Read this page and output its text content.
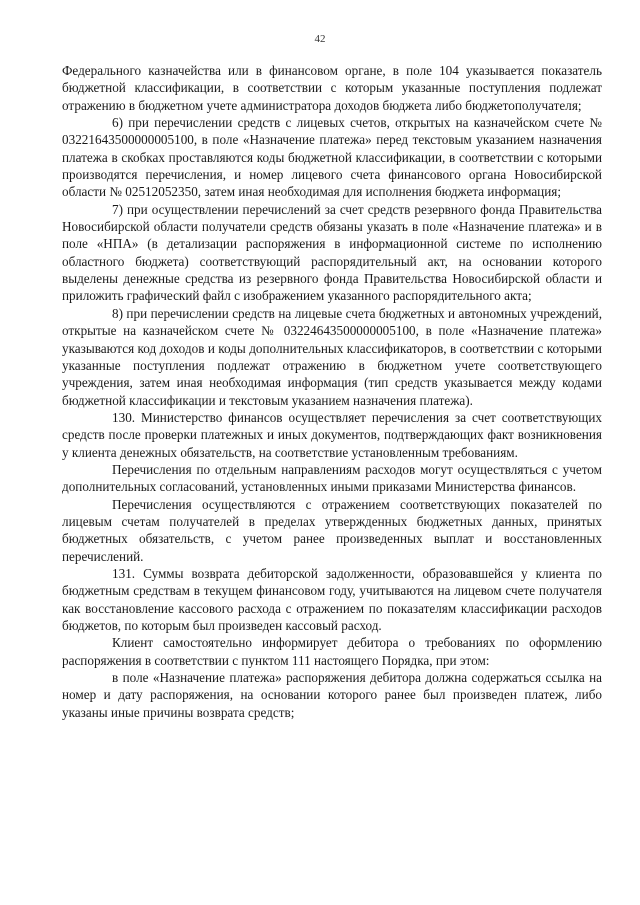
42

Федерального казначейства или в финансовом органе, в поле 104 указывается показатель бюджетной классификации, в соответствии с которым указанные поступления подлежат отражению в бюджетном учете администратора доходов бюджета либо бюджетополучателя;

6) при перечислении средств с лицевых счетов, открытых на казначейском счете № 03221643500000005100, в поле «Назначение платежа» перед текстовым указанием назначения платежа в скобках проставляются коды бюджетной классификации, в соответствии с которыми производятся перечисления, и номер лицевого счета финансового органа Новосибирской области № 02512052350, затем иная необходимая для исполнения бюджета информация;

7) при осуществлении перечислений за счет средств резервного фонда Правительства Новосибирской области получатели средств обязаны указать в поле «Назначение платежа» и в поле «НПА» (в детализации распоряжения в информационной системе по исполнению областного бюджета) соответствующий распорядительный акт, на основании которого выделены денежные средства из резервного фонда Правительства Новосибирской области и приложить графический файл с изображением указанного распорядительного акта;

8) при перечислении средств на лицевые счета бюджетных и автономных учреждений, открытые на казначейском счете № 03224643500000005100, в поле «Назначение платежа» указываются код доходов и коды дополнительных классификаторов, в соответствии с которыми указанные поступления подлежат отражению в бюджетном учете соответствующего учреждения, затем иная необходимая информация (тип средств указывается между кодами бюджетной классификации и текстовым указанием назначения платежа).

130. Министерство финансов осуществляет перечисления за счет соответствующих средств после проверки платежных и иных документов, подтверждающих факт возникновения у клиента денежных обязательств, на соответствие установленным требованиям.

Перечисления по отдельным направлениям расходов могут осуществляться с учетом дополнительных согласований, установленных иными приказами Министерства финансов.

Перечисления осуществляются с отражением соответствующих показателей по лицевым счетам получателей в пределах утвержденных бюджетных данных, принятых бюджетных обязательств, с учетом ранее произведенных выплат и восстановленных перечислений.

131. Суммы возврата дебиторской задолженности, образовавшейся у клиента по бюджетным средствам в текущем финансовом году, учитываются на лицевом счете получателя как восстановление кассового расхода с отражением по показателям классификации расходов бюджетов, по которым был произведен кассовый расход.

Клиент самостоятельно информирует дебитора о требованиях по оформлению распоряжения в соответствии с пунктом 111 настоящего Порядка, при этом:

в поле «Назначение платежа» распоряжения дебитора должна содержаться ссылка на номер и дату распоряжения, на основании которого ранее был произведен платеж, либо указаны иные причины возврата средств;
